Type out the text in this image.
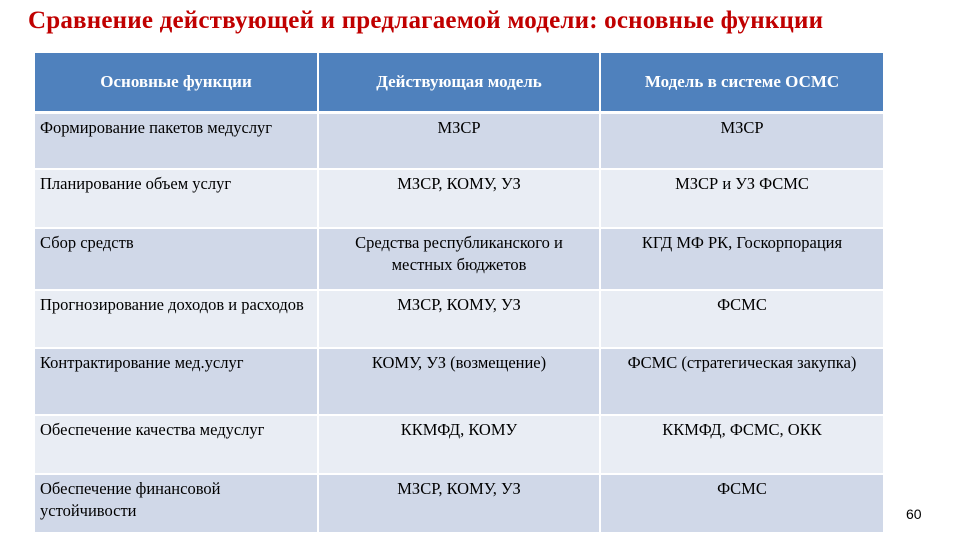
Сравнение действующей и предлагаемой модели: основные функции
Основные функции	Действующая модель	Модель в системе ОСМС
Формирование пакетов медуслуг	МЗСР	МЗСР
Планирование объем услуг	МЗСР, КОМУ, УЗ	МЗСР и УЗ ФСМС
Сбор средств	Средства республиканского и местных бюджетов	КГД МФ РК, Госкорпорация
Прогнозирование доходов и расходов	МЗСР, КОМУ, УЗ	ФСМС
Контрактирование мед.услуг	КОМУ, УЗ (возмещение)	ФСМС (стратегическая закупка)
Обеспечение качества медуслуг	ККМФД, КОМУ	ККМФД, ФСМС, ОКК
Обеспечение финансовой устойчивости	МЗСР, КОМУ, УЗ	ФСМС
60
